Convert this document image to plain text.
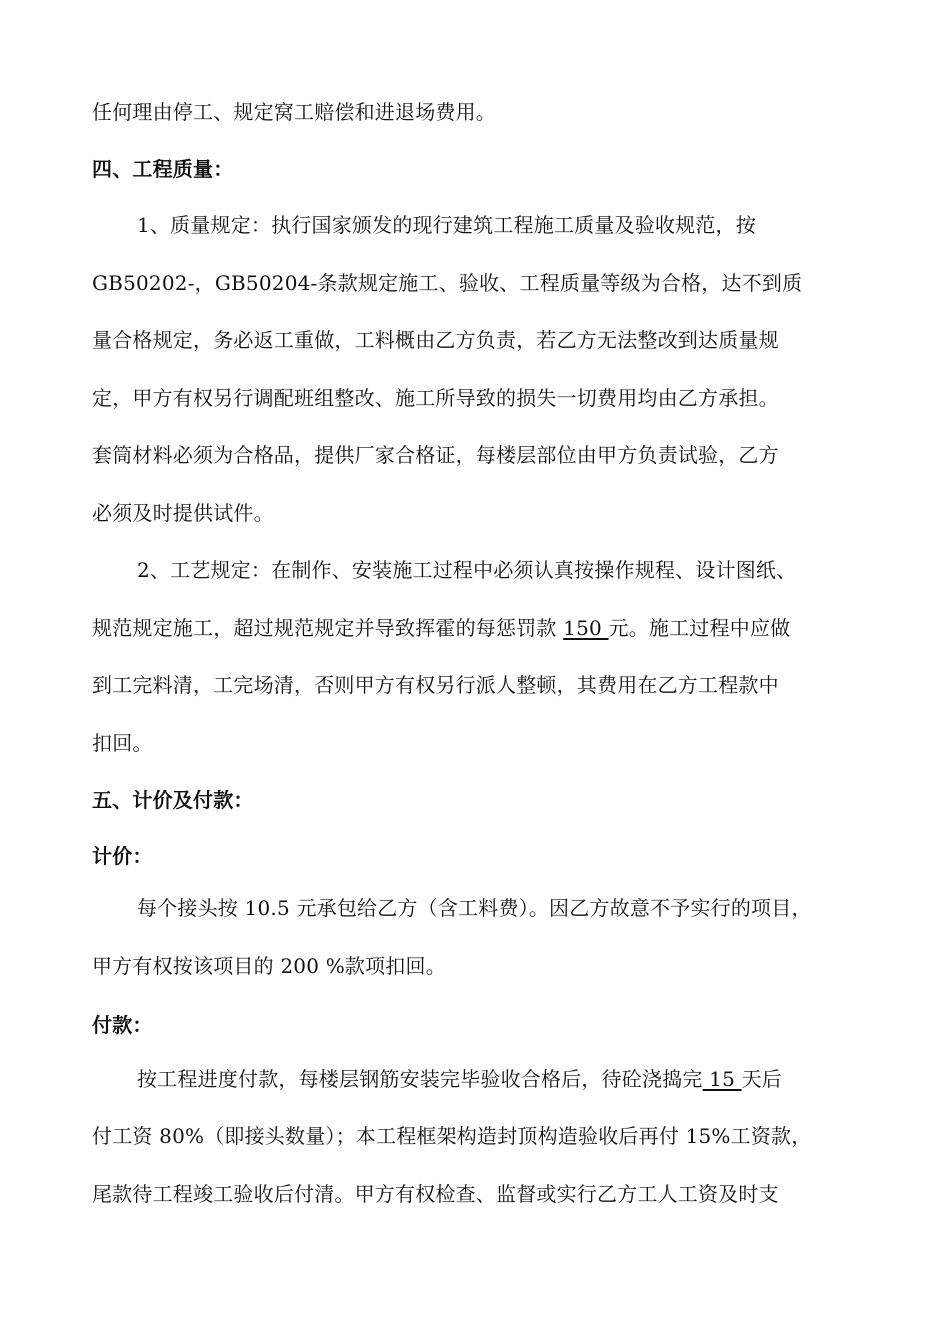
任何理由停工、规定窝工赔偿和进退场费用。
四、工程质量：
1、质量规定：执行国家颁发的现行建筑工程施工质量及验收规范，按
GB50202-，GB50204-条款规定施工、验收、工程质量等级为合格，达不到质
量合格规定，务必返工重做，工料概由乙方负责，若乙方无法整改到达质量规
定，甲方有权另行调配班组整改、施工所导致的损失一切费用均由乙方承担。
套筒材料必须为合格品，提供厂家合格证，每楼层部位由甲方负责试验，乙方
必须及时提供试件。
2、工艺规定：在制作、安装施工过程中必须认真按操作规程、设计图纸、
规范规定施工，超过规范规定并导致挥霍的每惩罚款 150 元。施工过程中应做
到工完料清，工完场清，否则甲方有权另行派人整顿，其费用在乙方工程款中
扣回。
五、计价及付款：
计价：
每个接头按 10.5 元承包给乙方（含工料费）。因乙方故意不予实行的项目，
甲方有权按该项目的 200 %款项扣回。
付款：
按工程进度付款，每楼层钢筋安装完毕验收合格后，待砼浇捣完 15 天后
付工资 80%（即接头数量）；本工程框架构造封顶构造验收后再付 15%工资款，
尾款待工程竣工验收后付清。甲方有权检查、监督或实行乙方工人工资及时支
